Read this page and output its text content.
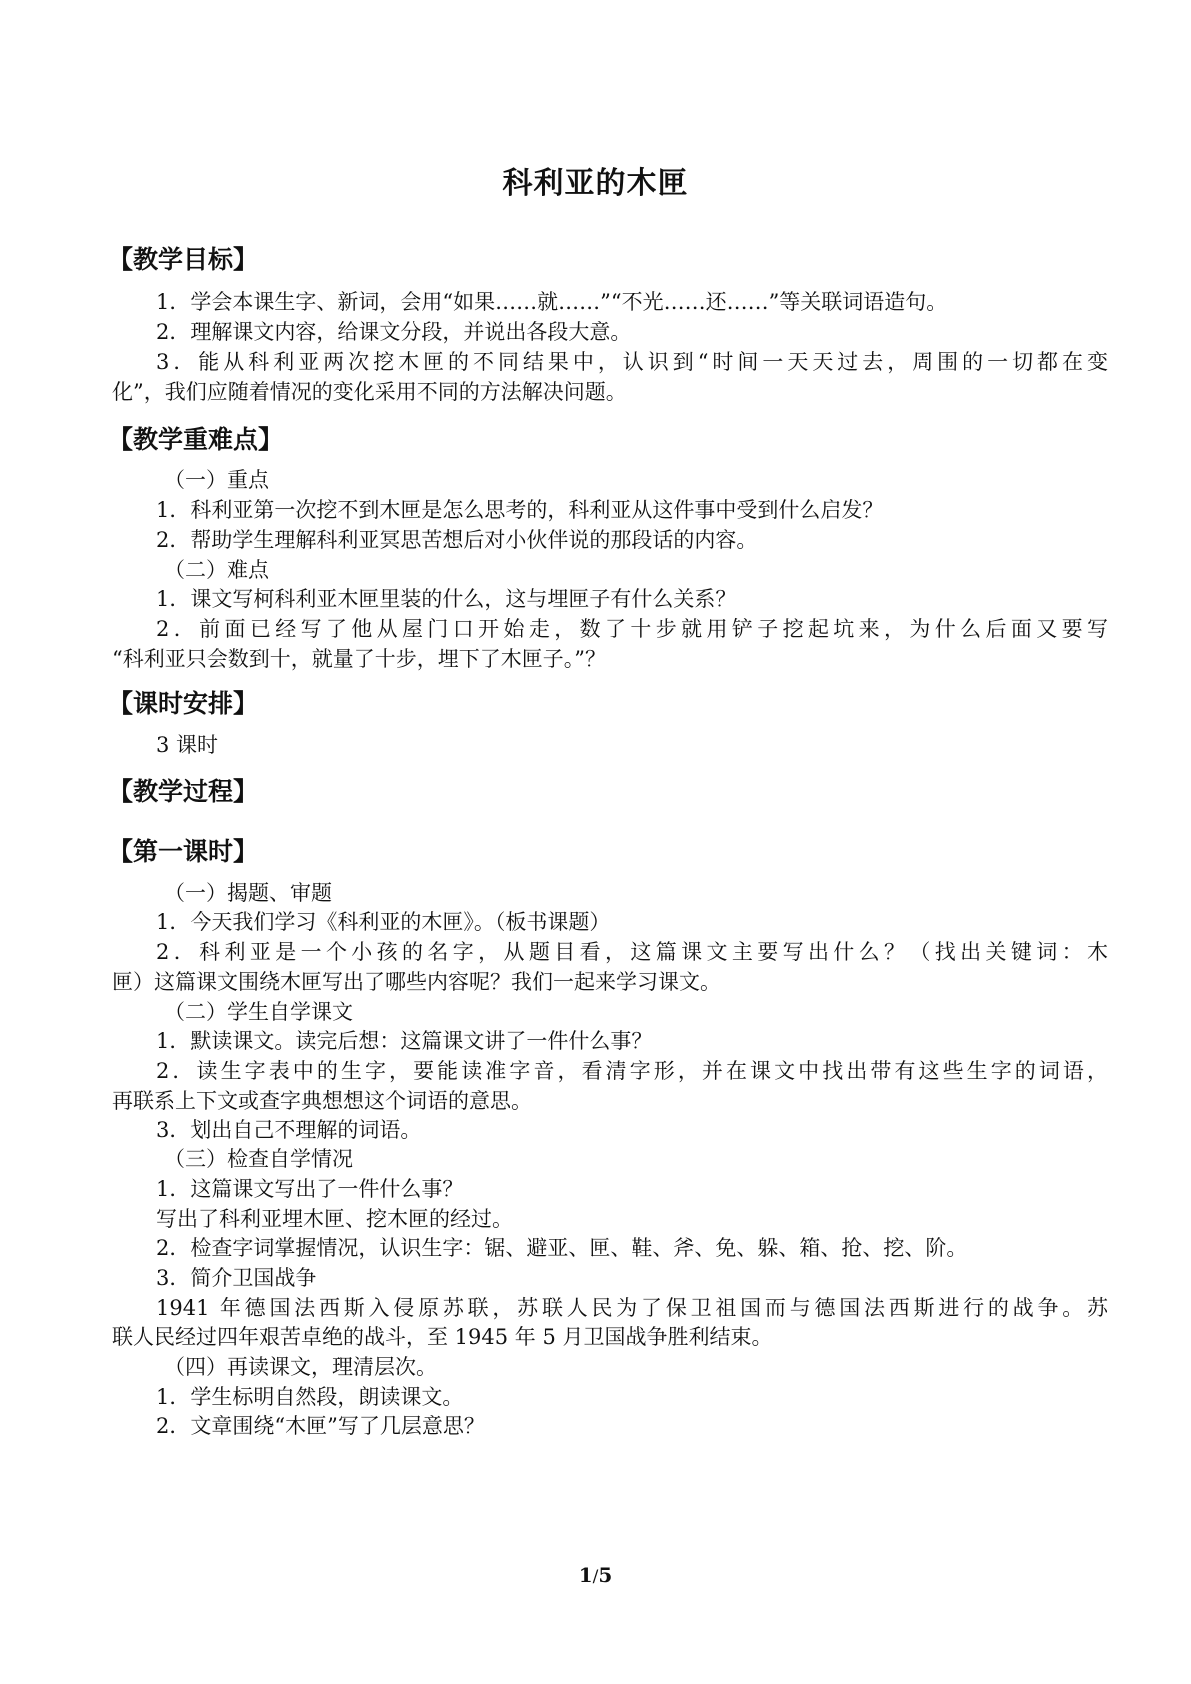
科利亚的木匣
【教学目标】
1．学会本课生字、新词，会用“如果……就……”“不光……还……”等关联词语造句。
2．理解课文内容，给课文分段，并说出各段大意。
3．能从科利亚两次挖木匣的不同结果中，认识到“时间一天天过去，周围的一切都在变
化”，我们应随着情况的变化采用不同的方法解决问题。
【教学重难点】
（一）重点
1．科利亚第一次挖不到木匣是怎么思考的，科利亚从这件事中受到什么启发？
2．帮助学生理解科利亚冥思苦想后对小伙伴说的那段话的内容。
（二）难点
1．课文写柯科利亚木匣里装的什么，这与埋匣子有什么关系？
2．前面已经写了他从屋门口开始走，数了十步就用铲子挖起坑来，为什么后面又要写
“科利亚只会数到十，就量了十步，埋下了木匣子。”？
【课时安排】
3 课时
【教学过程】
【第一课时】
（一）揭题、审题
1．今天我们学习《科利亚的木匣》。（板书课题）
2．科利亚是一个小孩的名字，从题目看，这篇课文主要写出什么？（找出关键词：木
匣）这篇课文围绕木匣写出了哪些内容呢？我们一起来学习课文。
（二）学生自学课文
1．默读课文。读完后想：这篇课文讲了一件什么事？
2．读生字表中的生字，要能读准字音，看清字形，并在课文中找出带有这些生字的词语，
再联系上下文或查字典想想这个词语的意思。
3．划出自己不理解的词语。
（三）检查自学情况
1．这篇课文写出了一件什么事？
写出了科利亚埋木匣、挖木匣的经过。
2．检查字词掌握情况，认识生字：锯、避亚、匣、鞋、斧、免、躲、箱、抢、挖、阶。
3．简介卫国战争
1941 年德国法西斯入侵原苏联，苏联人民为了保卫祖国而与德国法西斯进行的战争。苏
联人民经过四年艰苦卓绝的战斗，至 1945 年 5 月卫国战争胜利结束。
（四）再读课文，理清层次。
1．学生标明自然段，朗读课文。
2．文章围绕“木匣”写了几层意思？
1/5
